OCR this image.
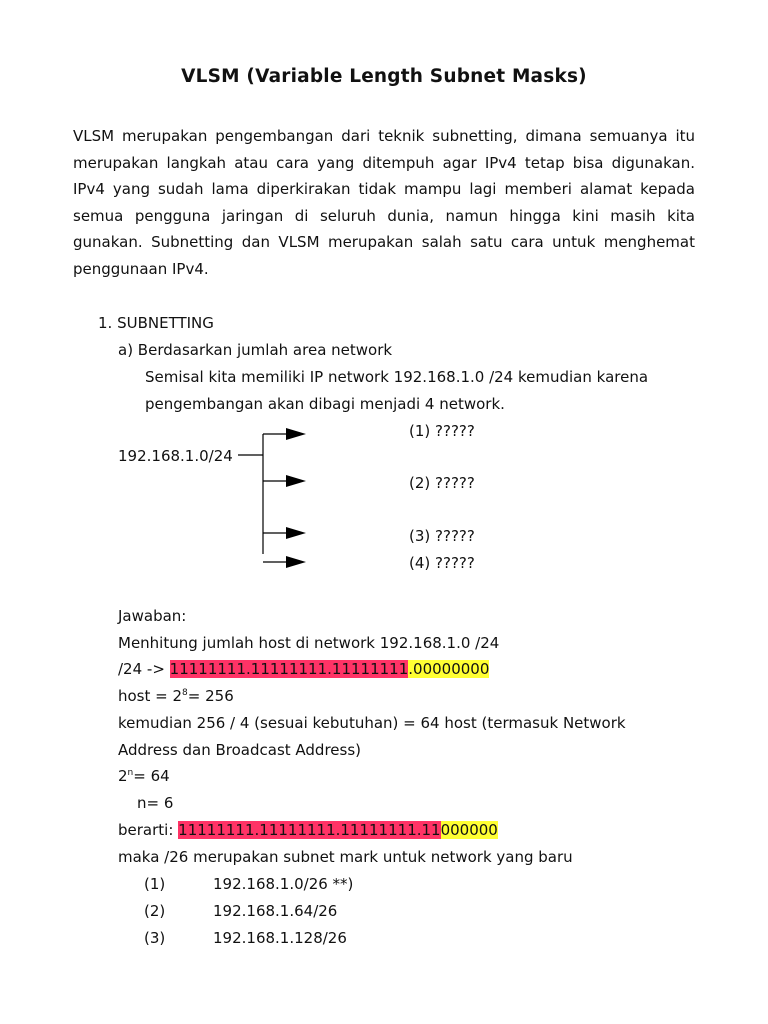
VLSM (Variable Length Subnet Masks)
VLSM merupakan pengembangan dari teknik subnetting, dimana semuanya itu
merupakan langkah atau cara yang ditempuh agar IPv4 tetap bisa digunakan.
IPv4 yang sudah lama diperkirakan tidak mampu lagi memberi alamat kepada
semua pengguna jaringan di seluruh dunia, namun hingga kini masih kita
gunakan. Subnetting dan VLSM merupakan salah satu cara untuk menghemat
penggunaan IPv4.
1. SUBNETTING
a) Berdasarkan jumlah area network
Semisal kita memiliki IP network 192.168.1.0 /24 kemudian karena
pengembangan akan dibagi menjadi 4 network.
192.168.1.0/24
(1) ?????
(2) ?????
(3) ?????
(4) ?????
Jawaban:
Menhitung jumlah host di network 192.168.1.0 /24
/24 -> 11111111.11111111.11111111.00000000
host = $2^8= 256$
kemudian 256 / 4 (sesuai kebutuhan) = 64 host (termasuk Network
Address dan Broadcast Address)
$2^n= 64$
n= 6
berarti: 11111111.11111111.11111111.11000000
maka /26 merupakan subnet mark untuk network yang baru
(1)	192.168.1.0/26 **)
(2)	192.168.1.64/26
(3)	192.168.1.128/26
